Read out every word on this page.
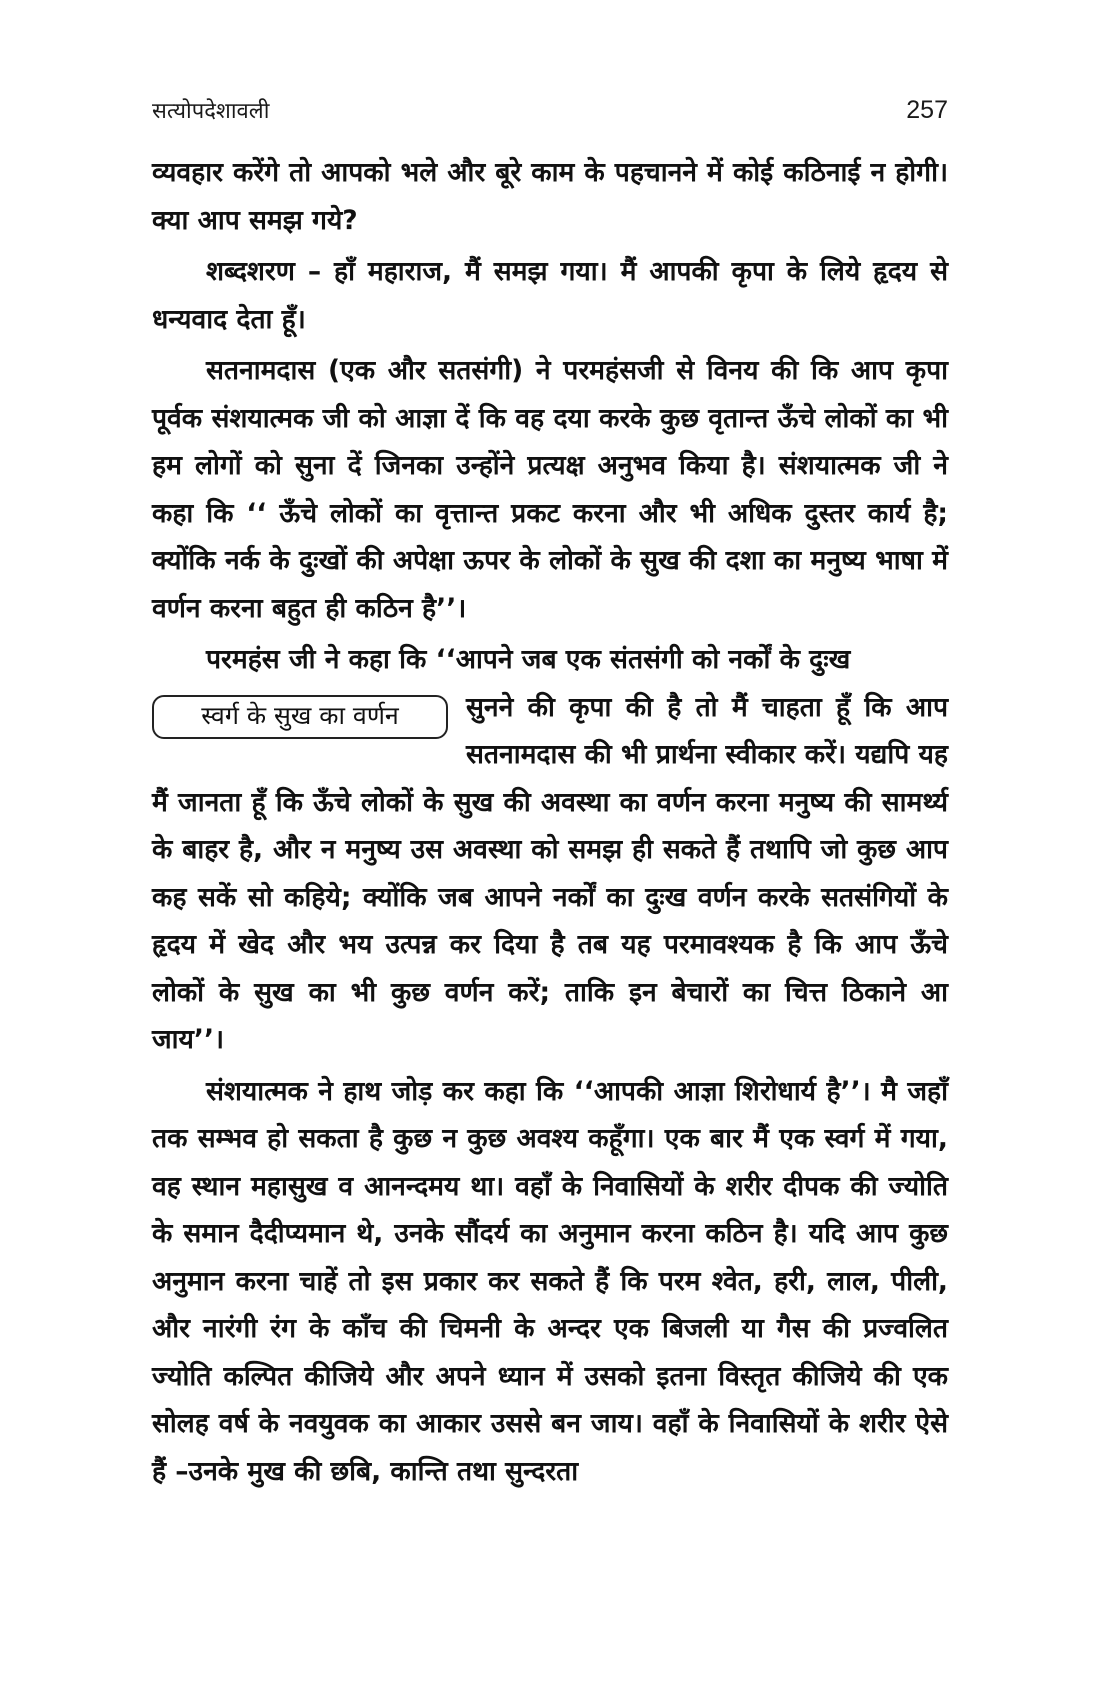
सत्योपदेशावली	257

व्यवहार करेंगे तो आपको भले और बूरे काम के पहचानने में कोई कठिनाई न होगी। क्या आप समझ गये?

शब्दशरण – हाँ महाराज, मैं समझ गया। मैं आपकी कृपा के लिये हृदय से धन्यवाद देता हूँ।

सतनामदास (एक और सतसंगी) ने परमहंसजी से विनय की कि आप कृपा पूर्वक संशयात्मक जी को आज्ञा दें कि वह दया करके कुछ वृतान्त ऊँचे लोकों का भी हम लोगों को सुना दें जिनका उन्होंने प्रत्यक्ष अनुभव किया है। संशयात्मक जी ने कहा कि ‘‘ ऊँचे लोकों का वृत्तान्त प्रकट करना और भी अधिक दुस्तर कार्य है; क्योंकि नर्क के दुःखों की अपेक्षा ऊपर के लोकों के सुख की दशा का मनुष्य भाषा में वर्णन करना बहुत ही कठिन है’’।

परमहंस जी ने कहा कि ‘‘आपने जब एक संतसंगी को नर्कों के दुःख

स्वर्ग के सुख का वर्णन	सुनने की कृपा की है तो मैं चाहता हूँ कि आप सतनामदास की भी प्रार्थना स्वीकार करें। यद्यपि यह मैं जानता हूँ कि ऊँचे लोकों के सुख की अवस्था का वर्णन करना मनुष्य की सामर्थ्य के बाहर है, और न मनुष्य उस अवस्था को समझ ही सकते हैं तथापि जो कुछ आप कह सकें सो कहिये; क्योंकि जब आपने नर्कों का दुःख वर्णन करके सतसंगियों के हृदय में खेद और भय उत्पन्न कर दिया है तब यह परमावश्यक है कि आप ऊँचे लोकों के सुख का भी कुछ वर्णन करें; ताकि इन बेचारों का चित्त ठिकाने आ जाय’’।

संशयात्मक ने हाथ जोड़ कर कहा कि ‘‘आपकी आज्ञा शिरोधार्य है’’। मै जहाँ तक सम्भव हो सकता है कुछ न कुछ अवश्य कहूँगा। एक बार मैं एक स्वर्ग में गया, वह स्थान महासुख व आनन्दमय था। वहाँ के निवासियों के शरीर दीपक की ज्योति के समान दैदीप्यमान थे, उनके सौंदर्य का अनुमान करना कठिन है। यदि आप कुछ अनुमान करना चाहें तो इस प्रकार कर सकते हैं कि परम श्वेत, हरी, लाल, पीली, और नारंगी रंग के काँच की चिमनी के अन्दर एक बिजली या गैस की प्रज्वलित ज्योति कल्पित कीजिये और अपने ध्यान में उसको इतना विस्तृत कीजिये की एक सोलह वर्ष के नवयुवक का आकार उससे बन जाय। वहाँ के निवासियों के शरीर ऐसे हैं –उनके मुख की छबि, कान्ति तथा सुन्दरता
